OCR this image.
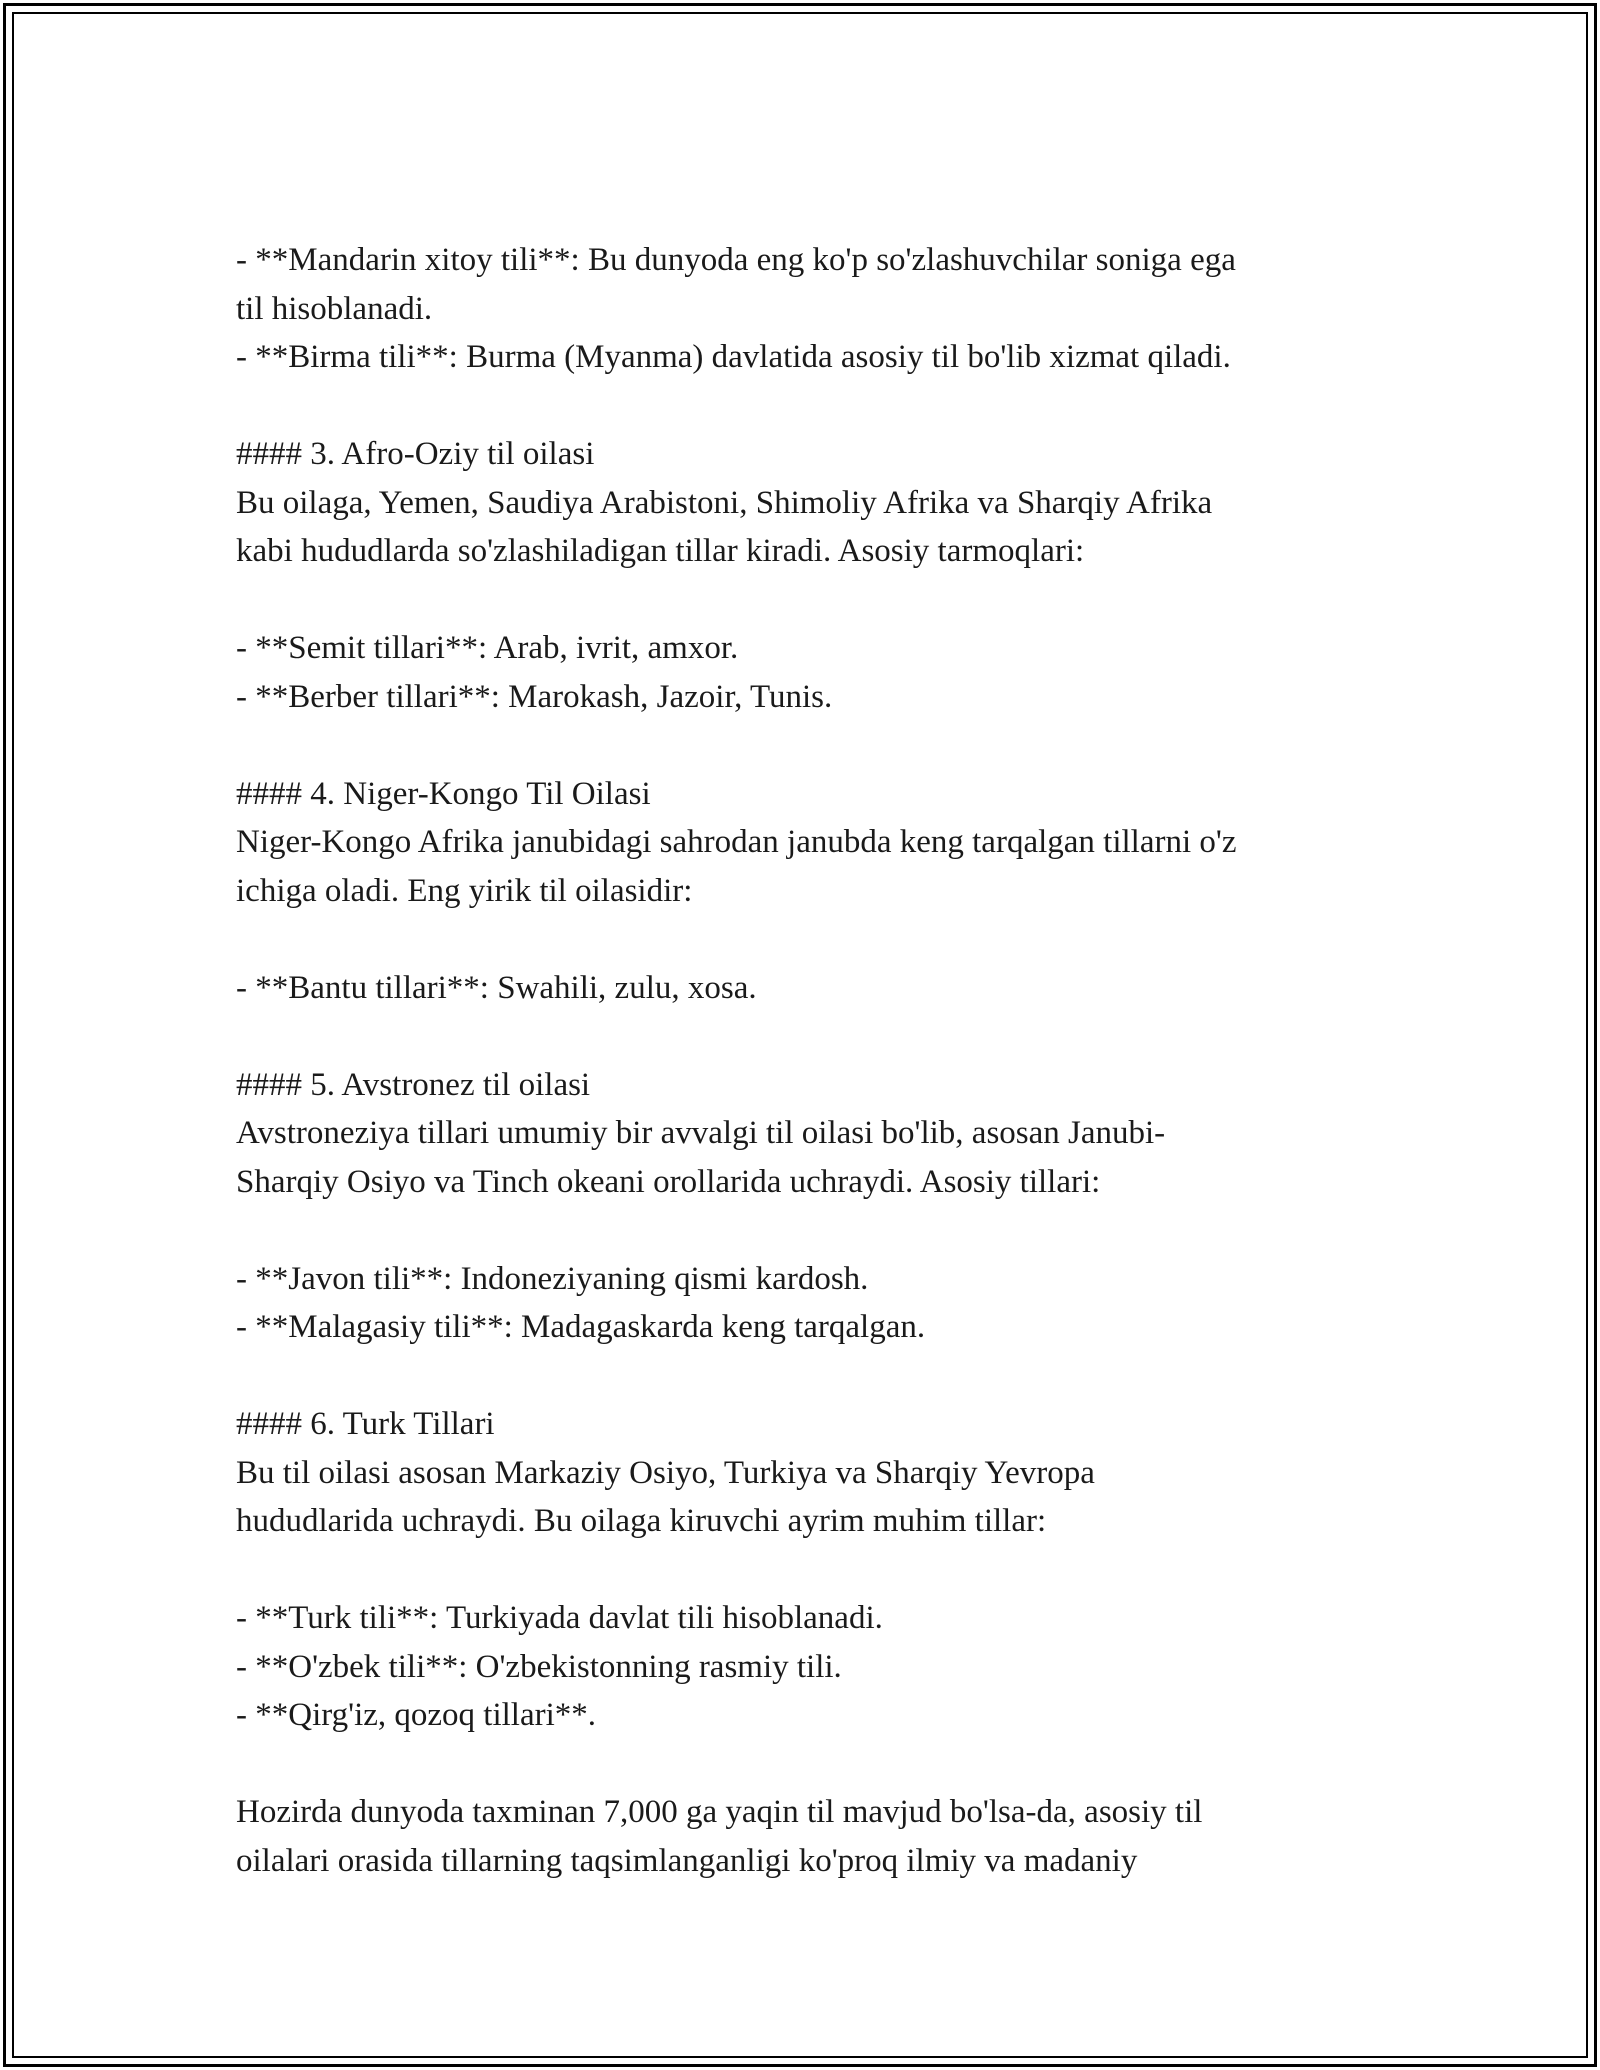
- **Mandarin xitoy tili**: Bu dunyoda eng ko'p so'zlashuvchilar soniga ega
til hisoblanadi.
- **Birma tili**: Burma (Myanma) davlatida asosiy til bo'lib xizmat qiladi.
#### 3. Afro-Oziy til oilasi
Bu oilaga, Yemen, Saudiya Arabistoni, Shimoliy Afrika va Sharqiy Afrika
kabi hududlarda so'zlashiladigan tillar kiradi. Asosiy tarmoqlari:
- **Semit tillari**: Arab, ivrit, amxor.
- **Berber tillari**: Marokash, Jazoir, Tunis.
#### 4. Niger-Kongo Til Oilasi
Niger-Kongo Afrika janubidagi sahrodan janubda keng tarqalgan tillarni o'z
ichiga oladi. Eng yirik til oilasidir:
- **Bantu tillari**: Swahili, zulu, xosa.
#### 5. Avstronez til oilasi
Avstroneziya tillari umumiy bir avvalgi til oilasi bo'lib, asosan Janubi-
Sharqiy Osiyo va Tinch okeani orollarida uchraydi. Asosiy tillari:
- **Javon tili**: Indoneziyaning qismi kardosh.
- **Malagasiy tili**: Madagaskarda keng tarqalgan.
#### 6. Turk Tillari
Bu til oilasi asosan Markaziy Osiyo, Turkiya va Sharqiy Yevropa
hududlarida uchraydi. Bu oilaga kiruvchi ayrim muhim tillar:
- **Turk tili**: Turkiyada davlat tili hisoblanadi.
- **O'zbek tili**: O'zbekistonning rasmiy tili.
- **Qirg'iz, qozoq tillari**.
Hozirda dunyoda taxminan 7,000 ga yaqin til mavjud bo'lsa-da, asosiy til
oilalari orasida tillarning taqsimlanganligi ko'proq ilmiy va madaniy
